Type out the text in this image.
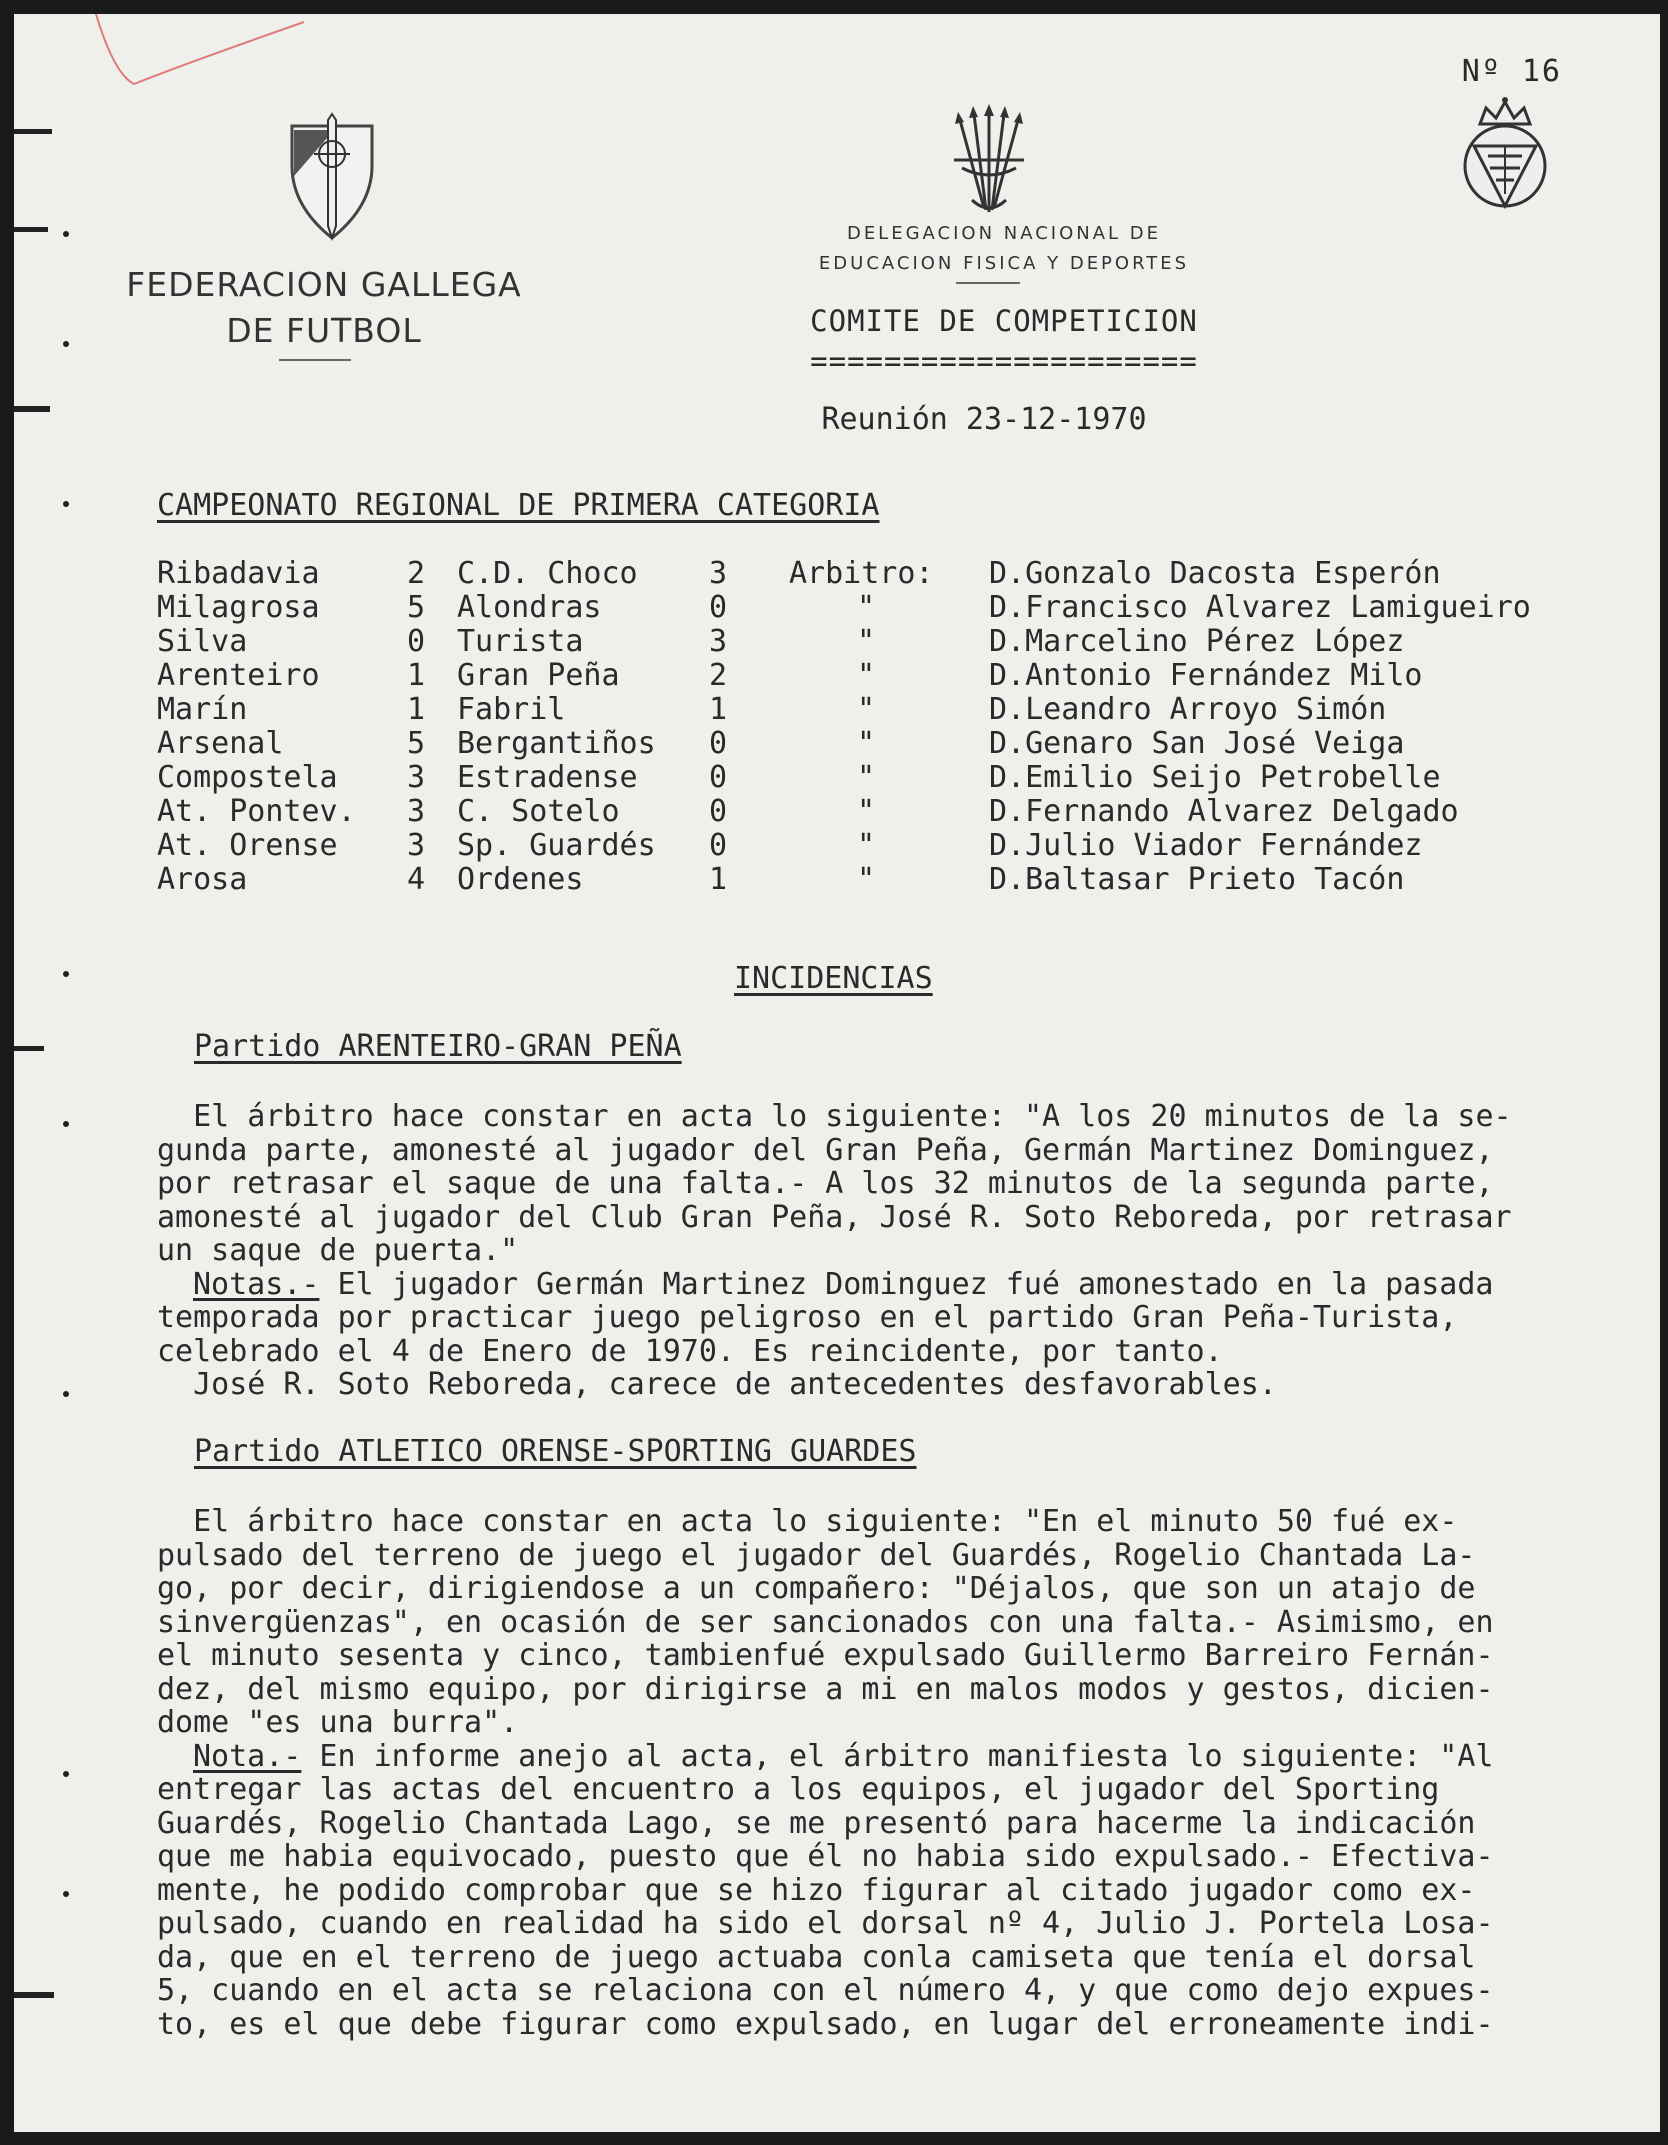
Nº 16
FEDERACION GALLEGA
DE FUTBOL
DELEGACION NACIONAL DE
EDUCACION FISICA Y DEPORTES
COMITE DE COMPETICION
=====================
Reunión 23-12-1970
CAMPEONATO REGIONAL DE PRIMERA CATEGORIA
Ribadavia	2 C.D. Choco 3 Arbitro: D.Gonzalo Dacosta Esperón
Milagrosa	5 Alondras	0	"	D.Francisco Alvarez Lamigueiro
Silva	0 Turista	3	"	D.Marcelino Pérez López
Arenteiro	1 Gran Peña	2	"	D.Antonio Fernández Milo
Marín	1 Fabril	1	"	D.Leandro Arroyo Simón
Arsenal	5 Bergantiños 0	"	D.Genaro San José Veiga
Compostela 3 Estradense 0	"	D.Emilio Seijo Petrobelle
At. Pontev. 3 C. Sotelo	0	"	D.Fernando Alvarez Delgado
At. Orense 3 Sp. Guardés 0	"	D.Julio Viador Fernández
Arosa	4 Ordenes	1	"	D.Baltasar Prieto Tacón
INCIDENCIAS
Partido ARENTEIRO-GRAN PEÑA
El árbitro hace constar en acta lo siguiente: "A los 20 minutos de la se-
gunda parte, amonesté al jugador del Gran Peña, Germán Martinez Dominguez,
por retrasar el saque de una falta.- A los 32 minutos de la segunda parte,
amonesté al jugador del Club Gran Peña, José R. Soto Reboreda, por retrasar
un saque de puerta."
Notas.- El jugador Germán Martinez Dominguez fué amonestado en la pasada
temporada por practicar juego peligroso en el partido Gran Peña-Turista,
celebrado el 4 de Enero de 1970. Es reincidente, por tanto.
José R. Soto Reboreda, carece de antecedentes desfavorables.
Partido ATLETICO ORENSE-SPORTING GUARDES
El árbitro hace constar en acta lo siguiente: "En el minuto 50 fué ex-
pulsado del terreno de juego el jugador del Guardés, Rogelio Chantada La-
go, por decir, dirigiendose a un compañero: "Déjalos, que son un atajo de
sinvergüenzas", en ocasión de ser sancionados con una falta.- Asimismo, en
el minuto sesenta y cinco, tambienfué expulsado Guillermo Barreiro Fernán-
dez, del mismo equipo, por dirigirse a mi en malos modos y gestos, dicien-
dome "es una burra".
Nota.- En informe anejo al acta, el árbitro manifiesta lo siguiente: "Al
entregar las actas del encuentro a los equipos, el jugador del Sporting
Guardés, Rogelio Chantada Lago, se me presentó para hacerme la indicación
que me habia equivocado, puesto que él no habia sido expulsado.- Efectiva-
mente, he podido comprobar que se hizo figurar al citado jugador como ex-
pulsado, cuando en realidad ha sido el dorsal nº 4, Julio J. Portela Losa-
da, que en el terreno de juego actuaba conla camiseta que tenía el dorsal
5, cuando en el acta se relaciona con el número 4, y que como dejo expues-
to, es el que debe figurar como expulsado, en lugar del erroneamente indi-
